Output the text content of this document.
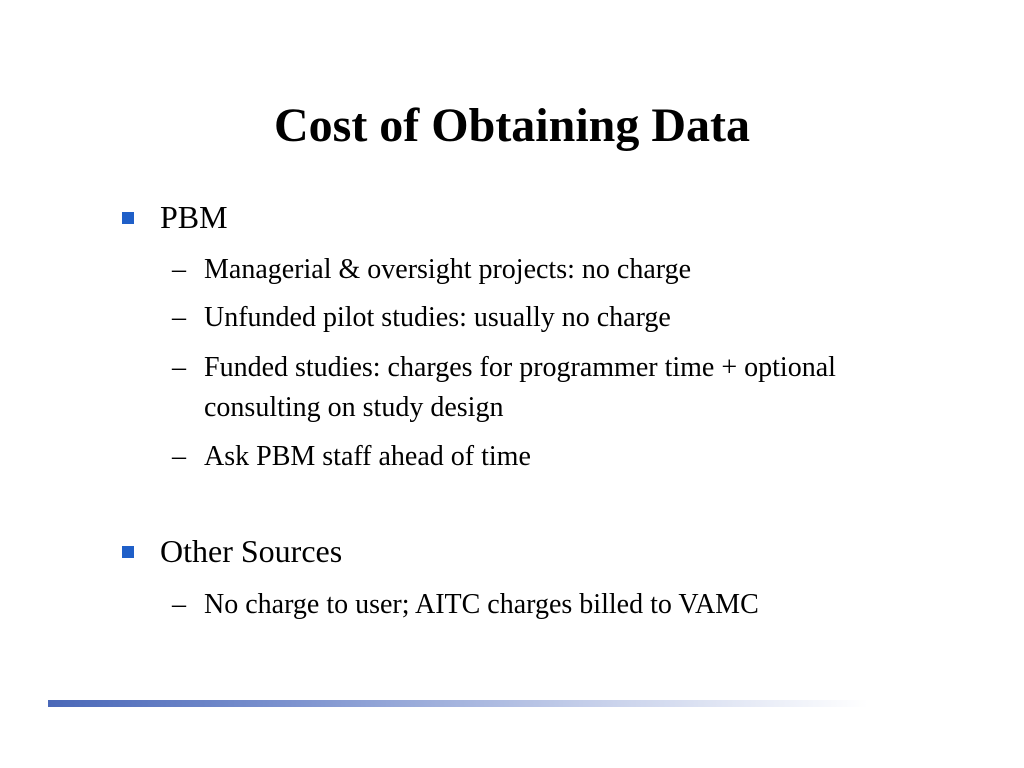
Cost of Obtaining Data
PBM
– Managerial & oversight projects: no charge
– Unfunded pilot studies: usually no charge
– Funded studies: charges for programmer time + optional consulting on study design
– Ask PBM staff ahead of time
Other Sources
– No charge to user; AITC charges billed to VAMC
